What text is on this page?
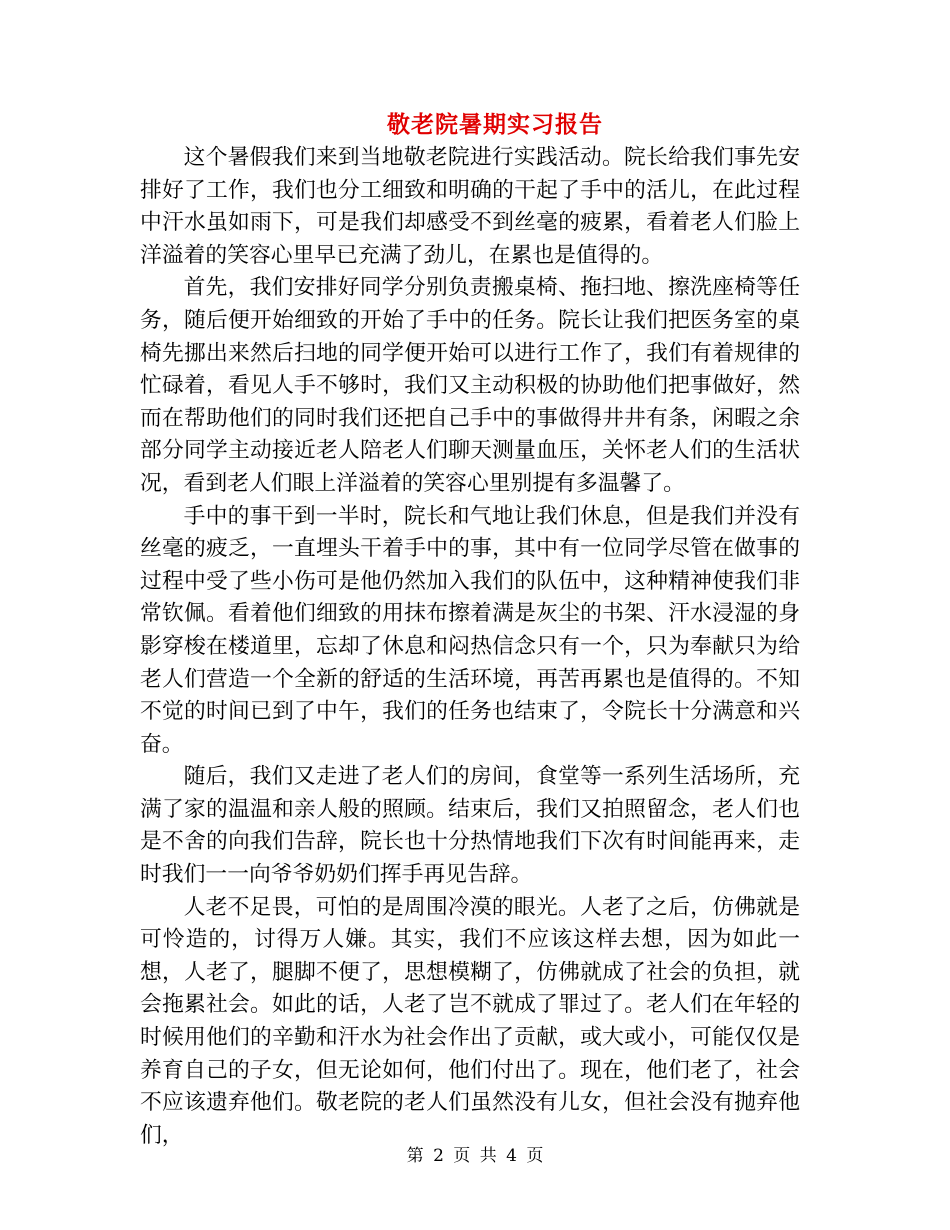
敬老院暑期实习报告

这个暑假我们来到当地敬老院进行实践活动。院长给我们事先安排好了工作，我们也分工细致和明确的干起了手中的活儿，在此过程中汗水虽如雨下，可是我们却感受不到丝毫的疲累，看着老人们脸上洋溢着的笑容心里早已充满了劲儿，在累也是值得的。

首先，我们安排好同学分别负责搬桌椅、拖扫地、擦洗座椅等任务，随后便开始细致的开始了手中的任务。院长让我们把医务室的桌椅先挪出来然后扫地的同学便开始可以进行工作了，我们有着规律的忙碌着，看见人手不够时，我们又主动积极的协助他们把事做好，然而在帮助他们的同时我们还把自己手中的事做得井井有条，闲暇之余部分同学主动接近老人陪老人们聊天测量血压，关怀老人们的生活状况，看到老人们眼上洋溢着的笑容心里别提有多温馨了。

手中的事干到一半时，院长和气地让我们休息，但是我们并没有丝毫的疲乏，一直埋头干着手中的事，其中有一位同学尽管在做事的过程中受了些小伤可是他仍然加入我们的队伍中，这种精神使我们非常钦佩。看着他们细致的用抹布擦着满是灰尘的书架、汗水浸湿的身影穿梭在楼道里，忘却了休息和闷热信念只有一个，只为奉献只为给老人们营造一个全新的舒适的生活环境，再苦再累也是值得的。不知不觉的时间已到了中午，我们的任务也结束了，令院长十分满意和兴奋。

随后，我们又走进了老人们的房间，食堂等一系列生活场所，充满了家的温温和亲人般的照顾。结束后，我们又拍照留念，老人们也是不舍的向我们告辞，院长也十分热情地我们下次有时间能再来，走时我们一一向爷爷奶奶们挥手再见告辞。

人老不足畏，可怕的是周围冷漠的眼光。人老了之后，仿佛就是可怜造的，讨得万人嫌。其实，我们不应该这样去想，因为如此一想，人老了，腿脚不便了，思想模糊了，仿佛就成了社会的负担，就会拖累社会。如此的话，人老了岂不就成了罪过了。老人们在年轻的时候用他们的辛勤和汗水为社会作出了贡献，或大或小，可能仅仅是养育自己的子女，但无论如何，他们付出了。现在，他们老了，社会不应该遗弃他们。敬老院的老人们虽然没有儿女，但社会没有抛弃他们，

第 2 页 共 4 页
